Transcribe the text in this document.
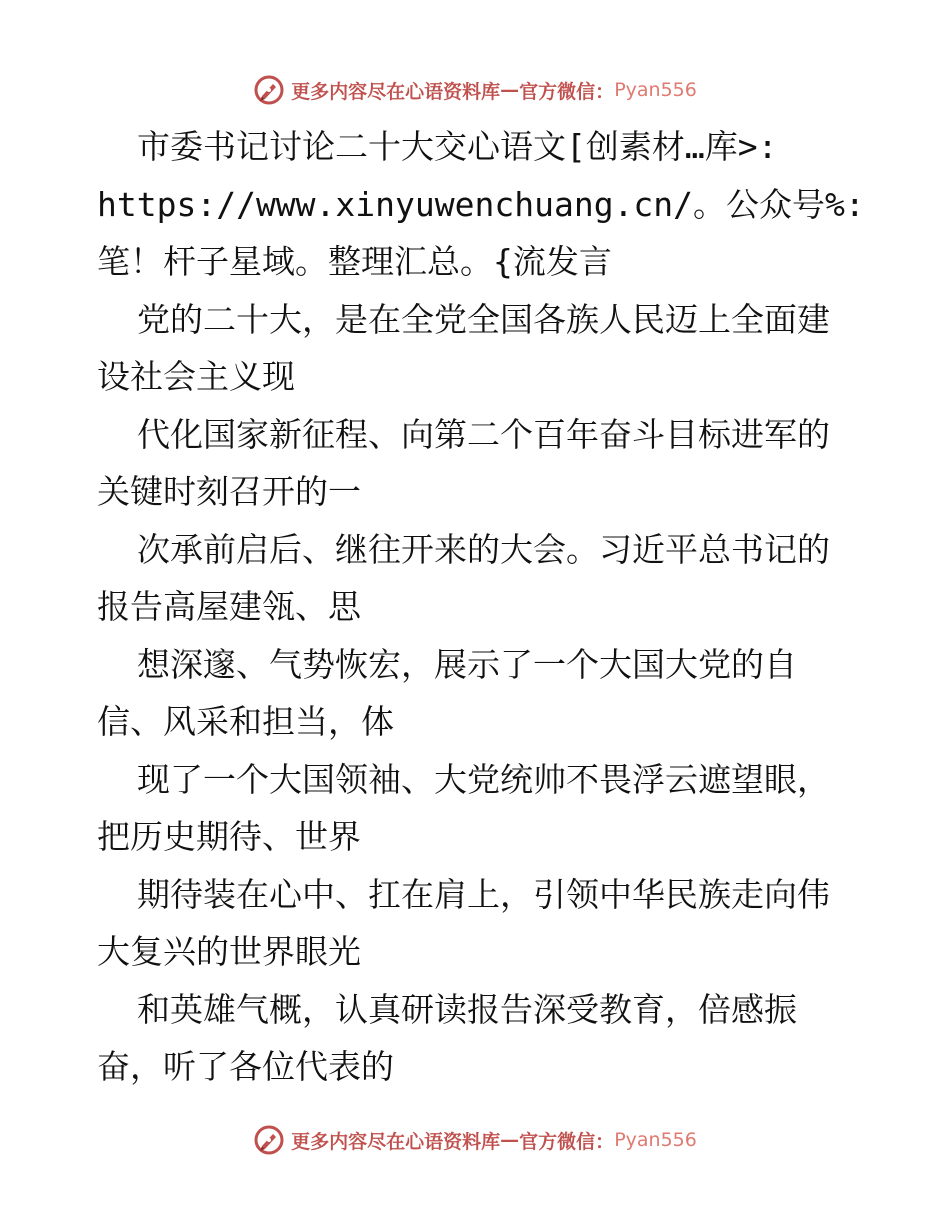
更多内容尽在心语资料库 — 官方微信： Pyan556
市委书记讨论二十大交心语文[创素材…库>:
https://www.xinyuwenchuang.cn/。公众号%:
笔！杆子星域。整理汇总。{流发言
党的二十大，是在全党全国各族人民迈上全面建
设社会主义现
代化国家新征程、向第二个百年奋斗目标进军的
关键时刻召开的一
次承前启后、继往开来的大会。习近平总书记的
报告高屋建瓴、思
想深邃、气势恢宏，展示了一个大国大党的自
信、风采和担当，体
现了一个大国领袖、大党统帅不畏浮云遮望眼，
把历史期待、世界
期待装在心中、扛在肩上，引领中华民族走向伟
大复兴的世界眼光
和英雄气概，认真研读报告深受教育，倍感振
奋，听了各位代表的
更多内容尽在心语资料库 — 官方微信： Pyan556
